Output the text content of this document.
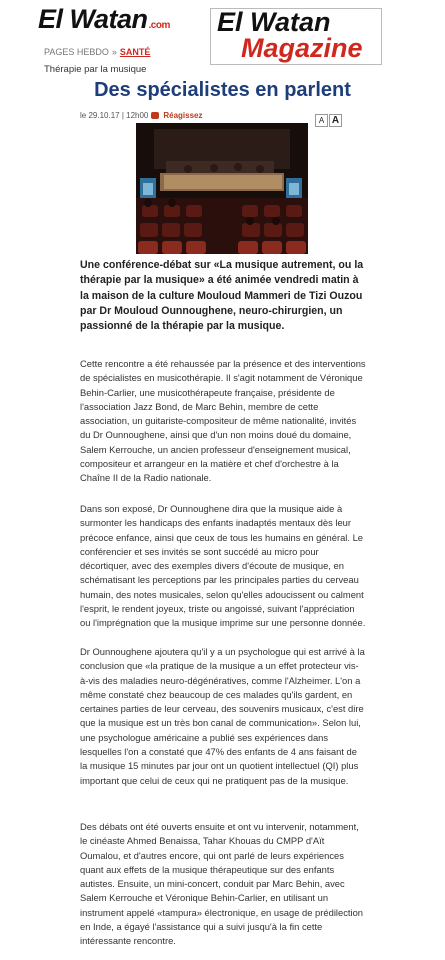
El Watan.com El Watan
Magazine
PAGES HEBDO » SANTÉ
Thérapie par la musique
Des spécialistes en parlent
le 29.10.17 | 12h00 Réagissez
A A
Une conférence-débat sur «La musique autrement, ou la thérapie par la musique» a été animée vendredi matin à la maison de la culture Mouloud Mammeri de Tizi Ouzou par Dr Mouloud Ounnoughene, neuro-chirurgien, un passionné de la thérapie par la musique.
Cette rencontre a été rehaussée par la présence et des interventions de spécialistes en musicothérapie. Il s'agit notamment de Véronique Behin-Carlier, une musicothérapeute française, présidente de l'association Jazz Bond, de Marc Behin, membre de cette association, un guitariste-compositeur de même nationalité, invités du Dr Ounnoughene, ainsi que d'un non moins doué du domaine, Salem Kerrouche, un ancien professeur d'enseignement musical, compositeur et arrangeur en la matière et chef d'orchestre à la Chaîne II de la Radio nationale.
Dans son exposé, Dr Ounnoughene dira que la musique aide à surmonter les handicaps des enfants inadaptés mentaux dès leur précoce enfance, ainsi que ceux de tous les humains en général. Le conférencier et ses invités se sont succédé au micro pour décortiquer, avec des exemples divers d'écoute de musique, en schématisant les perceptions par les principales parties du cerveau humain, des notes musicales, selon qu'elles adoucissent ou calment l'esprit, le rendent joyeux, triste ou angoissé, suivant l'appréciation ou l'imprégnation que la musique imprime sur une personne donnée.
Dr Ounnoughene ajoutera qu'il y a un psychologue qui est arrivé à la conclusion que «la pratique de la musique a un effet protecteur vis-à-vis des maladies neuro-dégénératives, comme l'Alzheimer. L'on a même constaté chez beaucoup de ces malades qu'ils gardent, en certaines parties de leur cerveau, des souvenirs musicaux, c'est dire que la musique est un très bon canal de communication». Selon lui, une psychologue américaine a publié ses expériences dans lesquelles l'on a constaté que 47% des enfants de 4 ans faisant de la musique 15 minutes par jour ont un quotient intellectuel (QI) plus important que celui de ceux qui ne pratiquent pas de la musique.
Des débats ont été ouverts ensuite et ont vu intervenir, notamment, le cinéaste Ahmed Benaissa, Tahar Khouas du CMPP d'Aït Oumalou, et d'autres encore, qui ont parlé de leurs expériences quant aux effets de la musique thérapeutique sur des enfants autistes. Ensuite, un mini-concert, conduit par Marc Behin, avec Salem Kerrouche et Véronique Behin-Carlier, en utilisant un instrument appelé «tampura» électronique, en usage de prédilection en Inde, a égayé l'assistance qui a suivi jusqu'à la fin cette intéressante rencontre.
